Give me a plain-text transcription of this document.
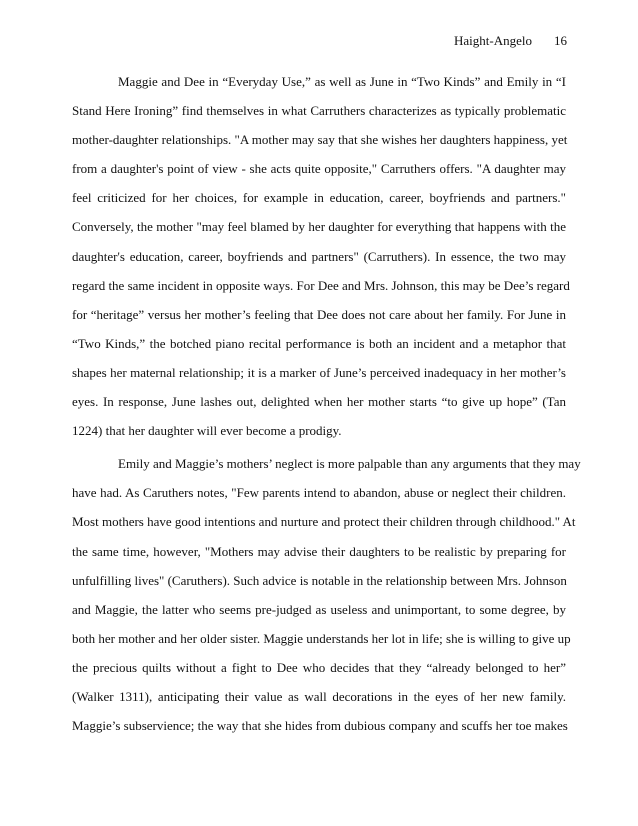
Haight-Angelo 16

Maggie and Dee in “Everyday Use,” as well as June in “Two Kinds” and Emily in “I
Stand Here Ironing” find themselves in what Carruthers characterizes as typically problematic
mother-daughter relationships. "A mother may say that she wishes her daughters happiness, yet
from a daughter's point of view - she acts quite opposite," Carruthers offers. "A daughter may
feel criticized for her choices, for example in education, career, boyfriends and partners."
Conversely, the mother "may feel blamed by her daughter for everything that happens with the
daughter's education, career, boyfriends and partners" (Carruthers). In essence, the two may
regard the same incident in opposite ways. For Dee and Mrs. Johnson, this may be Dee’s regard
for “heritage” versus her mother’s feeling that Dee does not care about her family. For June in
“Two Kinds,” the botched piano recital performance is both an incident and a metaphor that
shapes her maternal relationship; it is a marker of June’s perceived inadequacy in her mother’s
eyes. In response, June lashes out, delighted when her mother starts “to give up hope” (Tan
1224) that her daughter will ever become a prodigy.

Emily and Maggie’s mothers’ neglect is more palpable than any arguments that they may
have had. As Caruthers notes, "Few parents intend to abandon, abuse or neglect their children.
Most mothers have good intentions and nurture and protect their children through childhood." At
the same time, however, "Mothers may advise their daughters to be realistic by preparing for
unfulfilling lives" (Caruthers). Such advice is notable in the relationship between Mrs. Johnson
and Maggie, the latter who seems pre-judged as useless and unimportant, to some degree, by
both her mother and her older sister. Maggie understands her lot in life; she is willing to give up
the precious quilts without a fight to Dee who decides that they “already belonged to her”
(Walker 1311), anticipating their value as wall decorations in the eyes of her new family.
Maggie’s subservience; the way that she hides from dubious company and scuffs her toe makes
